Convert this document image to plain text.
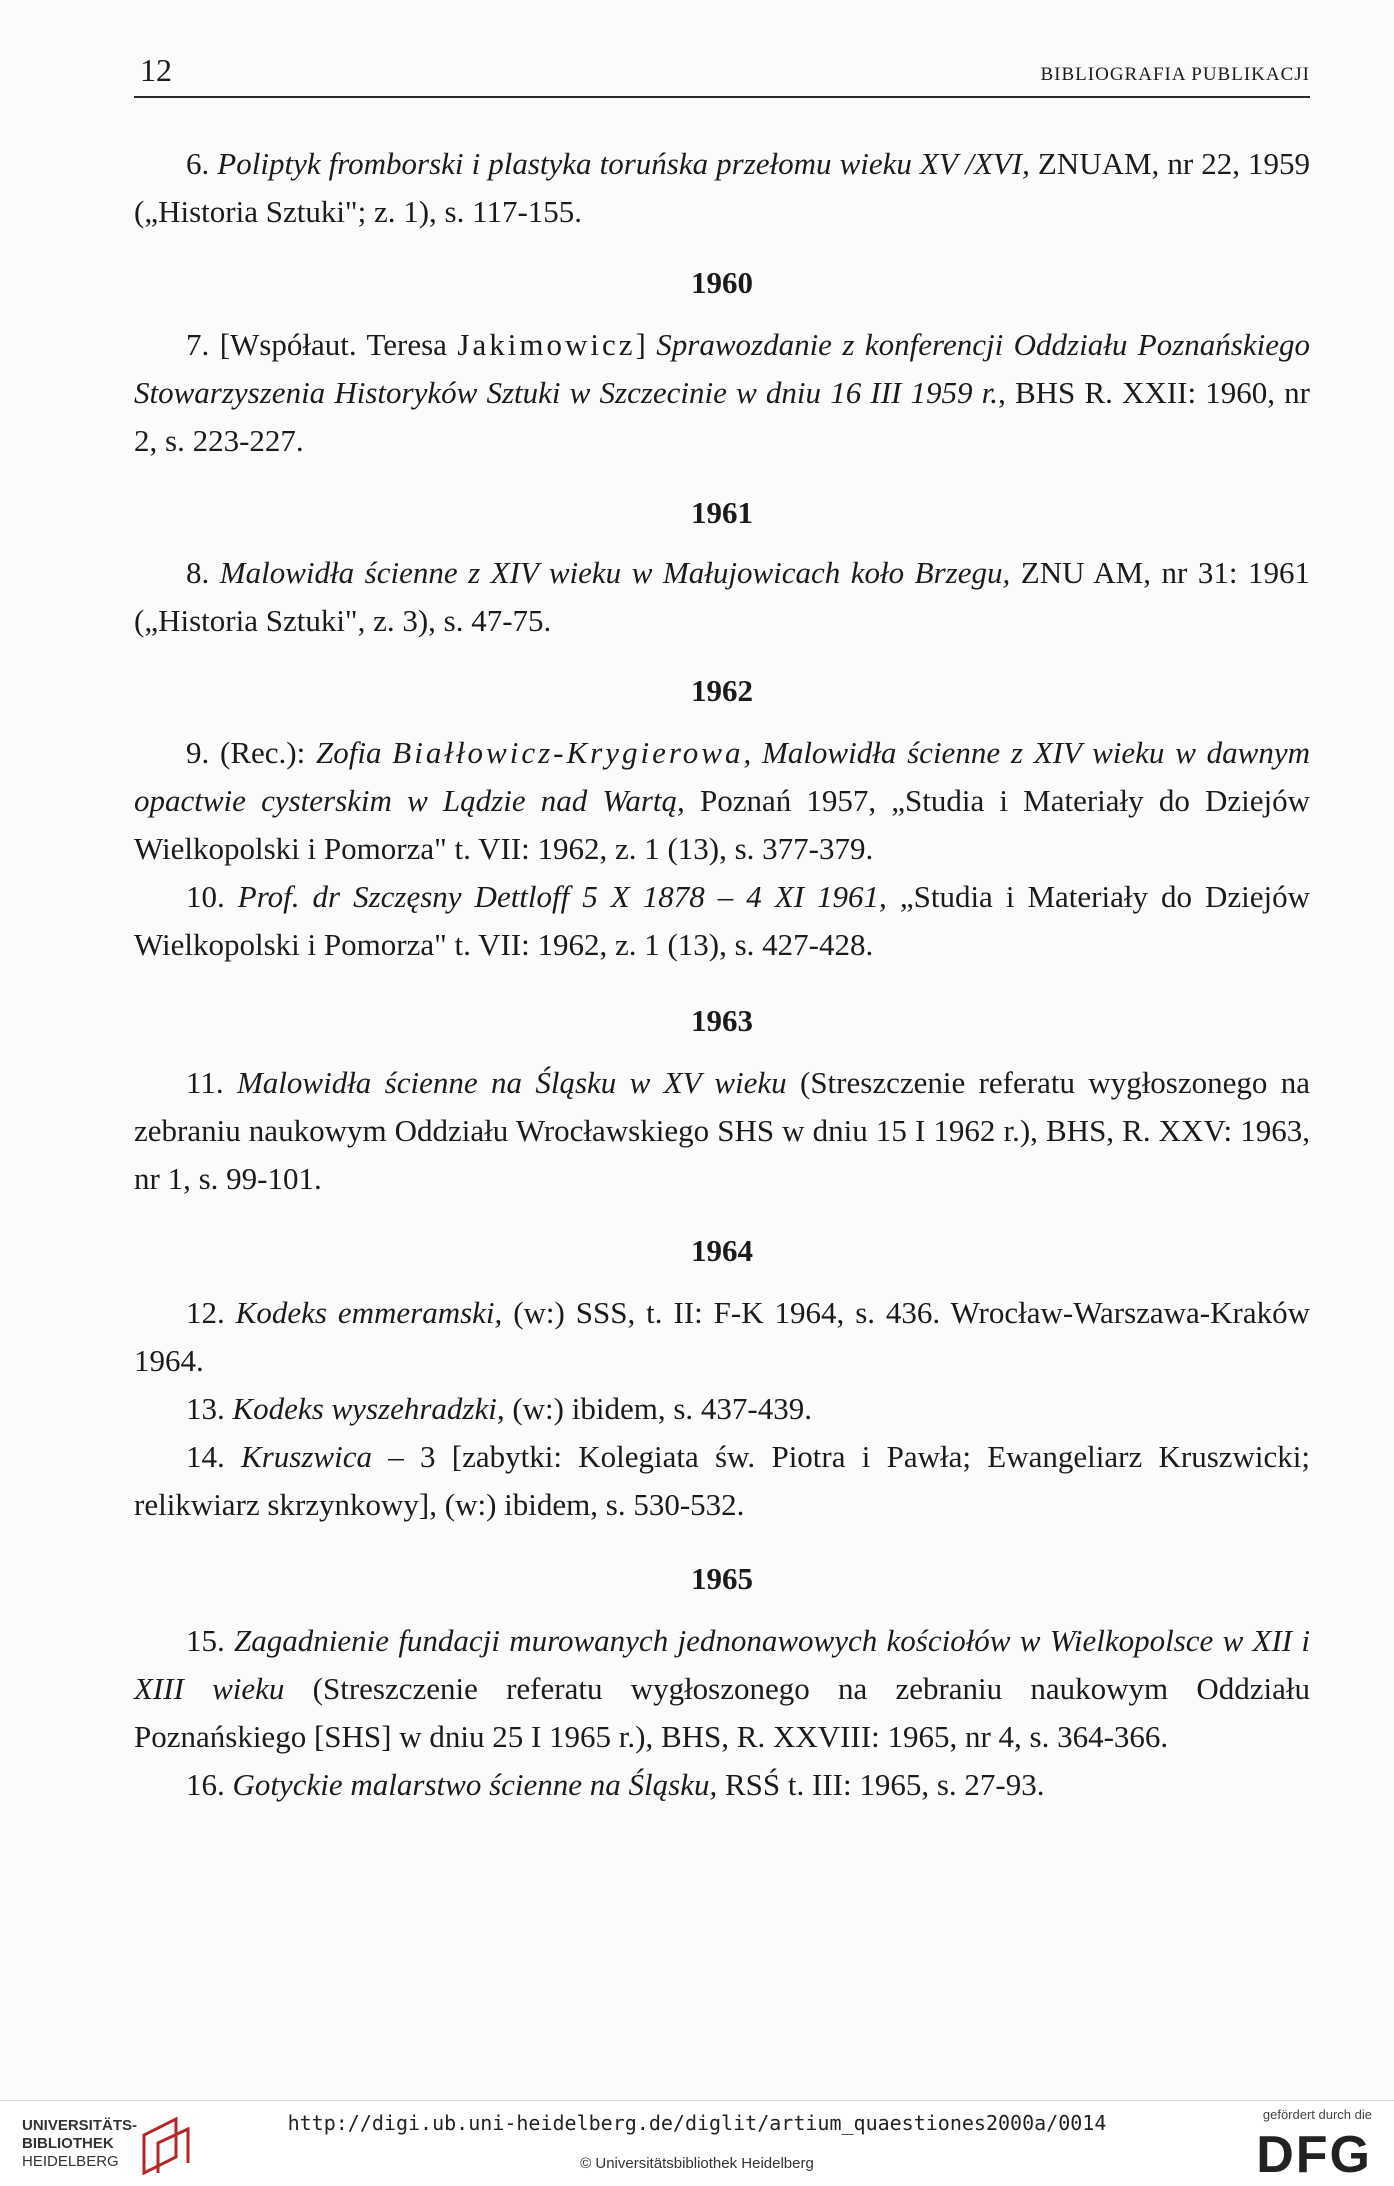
12	BIBLIOGRAFIA PUBLIKACJI

6. Poliptyk fromborski i plastyka toruńska przełomu wieku XV /XVI, ZNUAM, nr 22, 1959 („Historia Sztuki"; z. 1), s. 117-155.

1960

7. [Współaut. Teresa Jakimowicz] Sprawozdanie z konferencji Oddziału Poznańskiego Stowarzyszenia Historyków Sztuki w Szczecinie w dniu 16 III 1959 r., BHS R. XXII: 1960, nr 2, s. 223-227.

1961

8. Malowidła ścienne z XIV wieku w Małujowicach koło Brzegu, ZNU AM, nr 31: 1961 („Historia Sztuki", z. 3), s. 47-75.

1962

9. (Rec.): Zofia Białłowicz-Krygierowa, Malowidła ścienne z XIV wieku w dawnym opactwie cysterskim w Lądzie nad Wartą, Poznań 1957, „Studia i Materiały do Dziejów Wielkopolski i Pomorza" t. VII: 1962, z. 1 (13), s. 377-379.

10. Prof. dr Szczęsny Dettloff 5 X 1878 – 4 XI 1961, „Studia i Materiały do Dziejów Wielkopolski i Pomorza" t. VII: 1962, z. 1 (13), s. 427-428.

1963

11. Malowidła ścienne na Śląsku w XV wieku (Streszczenie referatu wygłoszonego na zebraniu naukowym Oddziału Wrocławskiego SHS w dniu 15 I 1962 r.), BHS, R. XXV: 1963, nr 1, s. 99-101.

1964

12. Kodeks emmeramski, (w:) SSS, t. II: F-K 1964, s. 436. Wrocław-Warszawa-Kraków 1964.

13. Kodeks wyszehradzki, (w:) ibidem, s. 437-439.

14. Kruszwica – 3 [zabytki: Kolegiata św. Piotra i Pawła; Ewangeliarz Kruszwicki; relikwiarz skrzynkowy], (w:) ibidem, s. 530-532.

1965

15. Zagadnienie fundacji murowanych jednonawowych kościołów w Wielkopolsce w XII i XIII wieku (Streszczenie referatu wygłoszonego na zebraniu naukowym Oddziału Poznańskiego [SHS] w dniu 25 I 1965 r.), BHS, R. XXVIII: 1965, nr 4, s. 364-366.

16. Gotyckie malarstwo ścienne na Śląsku, RSŚ t. III: 1965, s. 27-93.

UNIVERSITÄTS-
BIBLIOTHEK
HEIDELBERG
http://digi.ub.uni-heidelberg.de/diglit/artium_quaestiones2000a/0014
© Universitätsbibliothek Heidelberg
gefördert durch die
DFG
